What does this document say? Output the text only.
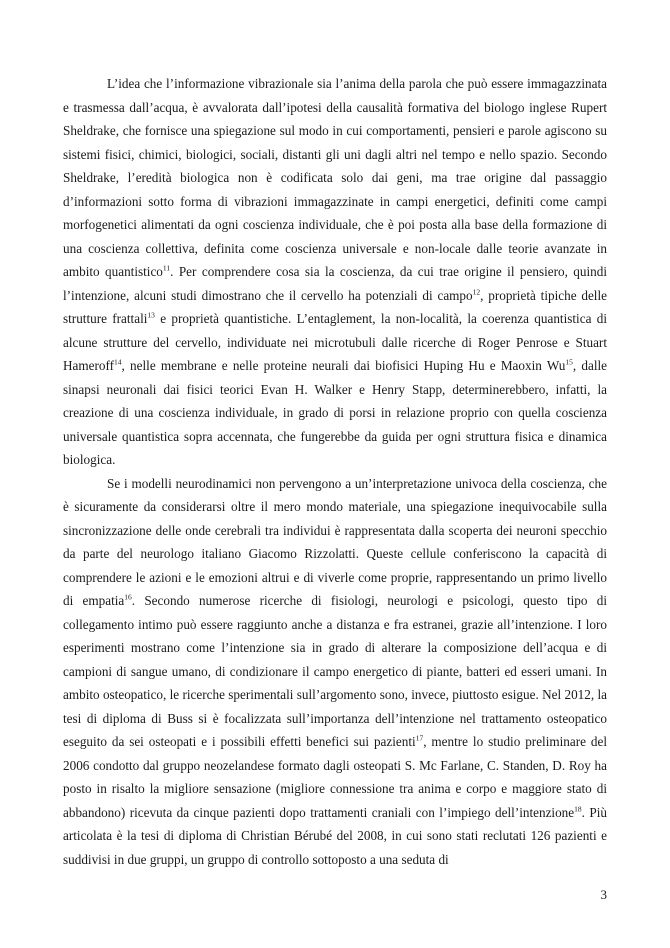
L’idea che l’informazione vibrazionale sia l’anima della parola che può essere immagazzinata e trasmessa dall’acqua, è avvalorata dall’ipotesi della causalità formativa del biologo inglese Rupert Sheldrake, che fornisce una spiegazione sul modo in cui comportamenti, pensieri e parole agiscono su sistemi fisici, chimici, biologici, sociali, distanti gli uni dagli altri nel tempo e nello spazio. Secondo Sheldrake, l’eredità biologica non è codificata solo dai geni, ma trae origine dal passaggio d’informazioni sotto forma di vibrazioni immagazzinate in campi energetici, definiti come campi morfogenetici alimentati da ogni coscienza individuale, che è poi posta alla base della formazione di una coscienza collettiva, definita come coscienza universale e non-locale dalle teorie avanzate in ambito quantistico$^{11}$. Per comprendere cosa sia la coscienza, da cui trae origine il pensiero, quindi l’intenzione, alcuni studi dimostrano che il cervello ha potenziali di campo$^{12}$, proprietà tipiche delle strutture frattali$^{13}$ e proprietà quantistiche. L’entaglement, la non-località, la coerenza quantistica di alcune strutture del cervello, individuate nei microtubuli dalle ricerche di Roger Penrose e Stuart Hameroff$^{14}$, nelle membrane e nelle proteine neurali dai biofisici Huping Hu e Maoxin Wu$^{15}$, dalle sinapsi neuronali dai fisici teorici Evan H. Walker e Henry Stapp, determinerebbero, infatti, la creazione di una coscienza individuale, in grado di porsi in relazione proprio con quella coscienza universale quantistica sopra accennata, che fungerebbe da guida per ogni struttura fisica e dinamica biologica.

Se i modelli neurodinamici non pervengono a un’interpretazione univoca della coscienza, che è sicuramente da considerarsi oltre il mero mondo materiale, una spiegazione inequivocabile sulla sincronizzazione delle onde cerebrali tra individui è rappresentata dalla scoperta dei neuroni specchio da parte del neurologo italiano Giacomo Rizzolatti. Queste cellule conferiscono la capacità di comprendere le azioni e le emozioni altrui e di viverle come proprie, rappresentando un primo livello di empatia$^{16}$. Secondo numerose ricerche di fisiologi, neurologi e psicologi, questo tipo di collegamento intimo può essere raggiunto anche a distanza e fra estranei, grazie all’intenzione. I loro esperimenti mostrano come l’intenzione sia in grado di alterare la composizione dell’acqua e di campioni di sangue umano, di condizionare il campo energetico di piante, batteri ed esseri umani. In ambito osteopatico, le ricerche sperimentali sull’argomento sono, invece, piuttosto esigue. Nel 2012, la tesi di diploma di Buss si è focalizzata sull’importanza dell’intenzione nel trattamento osteopatico eseguito da sei osteopati e i possibili effetti benefici sui pazienti$^{17}$, mentre lo studio preliminare del 2006 condotto dal gruppo neozelandese formato dagli osteopati S. Mc Farlane, C. Standen, D. Roy ha posto in risalto la migliore sensazione (migliore connessione tra anima e corpo e maggiore stato di abbandono) ricevuta da cinque pazienti dopo trattamenti craniali con l’impiego dell’intenzione$^{18}$. Più articolata è la tesi di diploma di Christian Bérubé del 2008, in cui sono stati reclutati 126 pazienti e suddivisi in due gruppi, un gruppo di controllo sottoposto a una seduta di

3
